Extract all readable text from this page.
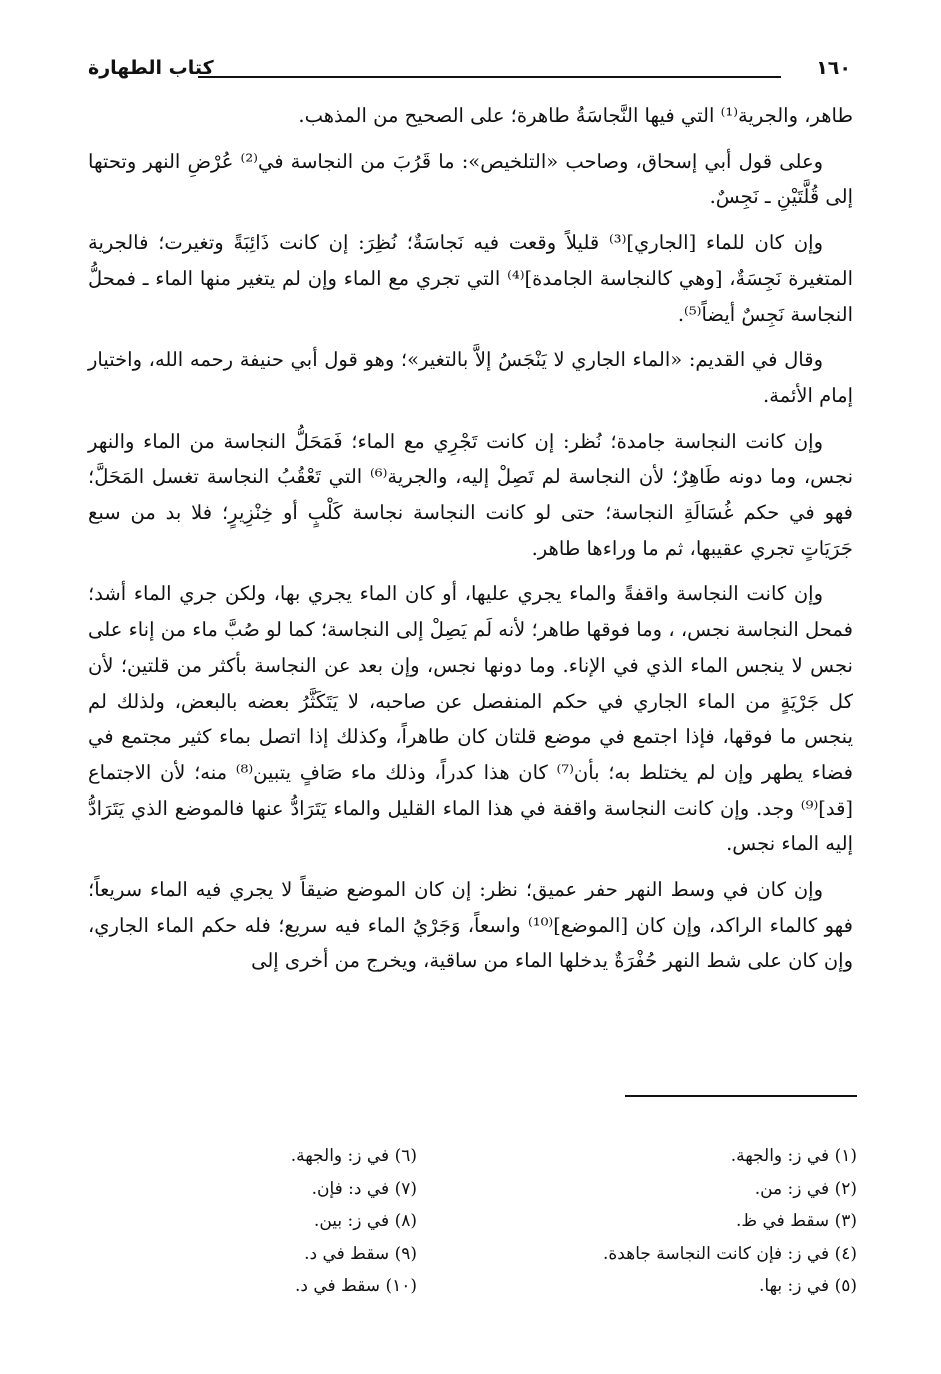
كتاب الطهارة	١٦٠

طاهر، والجرية⁽¹⁾ التي فيها النَّجاسَةُ طاهرة؛ على الصحيح من المذهب.

وعلى قول أبي إسحاق، وصاحب «التلخيص»: ما قَرُبَ من النجاسة في⁽²⁾ عُرْضِ النهر وتحتها إلى قُلَّتَيْنِ ـ نَجِسٌ.

وإن كان للماء [الجاري]⁽³⁾ قليلاً وقعت فيه نَجاسَةٌ؛ نُظِرَ: إن كانت ذَائِبَةً وتغيرت؛ فالجرية المتغيرة نَجِسَةٌ، [وهي كالنجاسة الجامدة]⁽⁴⁾ التي تجري مع الماء وإن لم يتغير منها الماء ـ فمحلُّ النجاسة نَجِسٌ أيضاً⁽⁵⁾.

وقال في القديم: «الماء الجاري لا يَنْجَسُ إلاَّ بالتغير»؛ وهو قول أبي حنيفة رحمه الله، واختيار إمام الأئمة.

وإن كانت النجاسة جامدة؛ نُظر: إن كانت تَجْرِي مع الماء؛ فَمَحَلُّ النجاسة من الماء والنهر نجس، وما دونه طَاهِرٌ؛ لأن النجاسة لم تَصِلْ إليه، والجرية⁽⁶⁾ التي تَعْقُبُ النجاسة تغسل المَحَلَّ؛ فهو في حكم غُسَالَةِ النجاسة؛ حتى لو كانت النجاسة نجاسة كَلْبٍ أو خِنْزِيرٍ؛ فلا بد من سبع جَرَيَاتٍ تجري عقيبها، ثم ما وراءها طاهر.

وإن كانت النجاسة واقفةً والماء يجري عليها، أو كان الماء يجري بها، ولكن جري الماء أشد؛ فمحل النجاسة نجس، ، وما فوقها طاهر؛ لأنه لَم يَصِلْ إلى النجاسة؛ كما لو صُبَّ ماء من إناء على نجس لا ينجس الماء الذي في الإناء. وما دونها نجس، وإن بعد عن النجاسة بأكثر من قلتين؛ لأن كل جَرْيَةٍ من الماء الجاري في حكم المنفصل عن صاحبه، لا يَتَكَثَّرُ بعضه بالبعض، ولذلك لم ينجس ما فوقها، فإذا اجتمع في موضع قلتان كان طاهراً، وكذلك إذا اتصل بماء كثير مجتمع في فضاء يطهر وإن لم يختلط به؛ بأن⁽⁷⁾ كان هذا كدراً، وذلك ماء صَافٍ يتبين⁽⁸⁾ منه؛ لأن الاجتماع [قد]⁽⁹⁾ وجد. وإن كانت النجاسة واقفة في هذا الماء القليل والماء يَتَرَادُّ عنها فالموضع الذي يَتَرَادُّ إليه الماء نجس.

وإن كان في وسط النهر حفر عميق؛ نظر: إن كان الموضع ضيقاً لا يجري فيه الماء سريعاً؛ فهو كالماء الراكد، وإن كان [الموضع]⁽¹⁰⁾ واسعاً، وَجَرْيُ الماء فيه سريع؛ فله حكم الماء الجاري، وإن كان على شط النهر حُفْرَةٌ يدخلها الماء من ساقية، ويخرج من أخرى إلى

(١) في ز: والجهة.
(٢) في ز: من.
(٣) سقط في ظ.
(٤) في ز: فإن كانت النجاسة جاهدة.
(٥) في ز: بها.
(٦) في ز: والجهة.
(٧) في د: فإن.
(٨) في ز: بين.
(٩) سقط في د.
(١٠) سقط في د.
